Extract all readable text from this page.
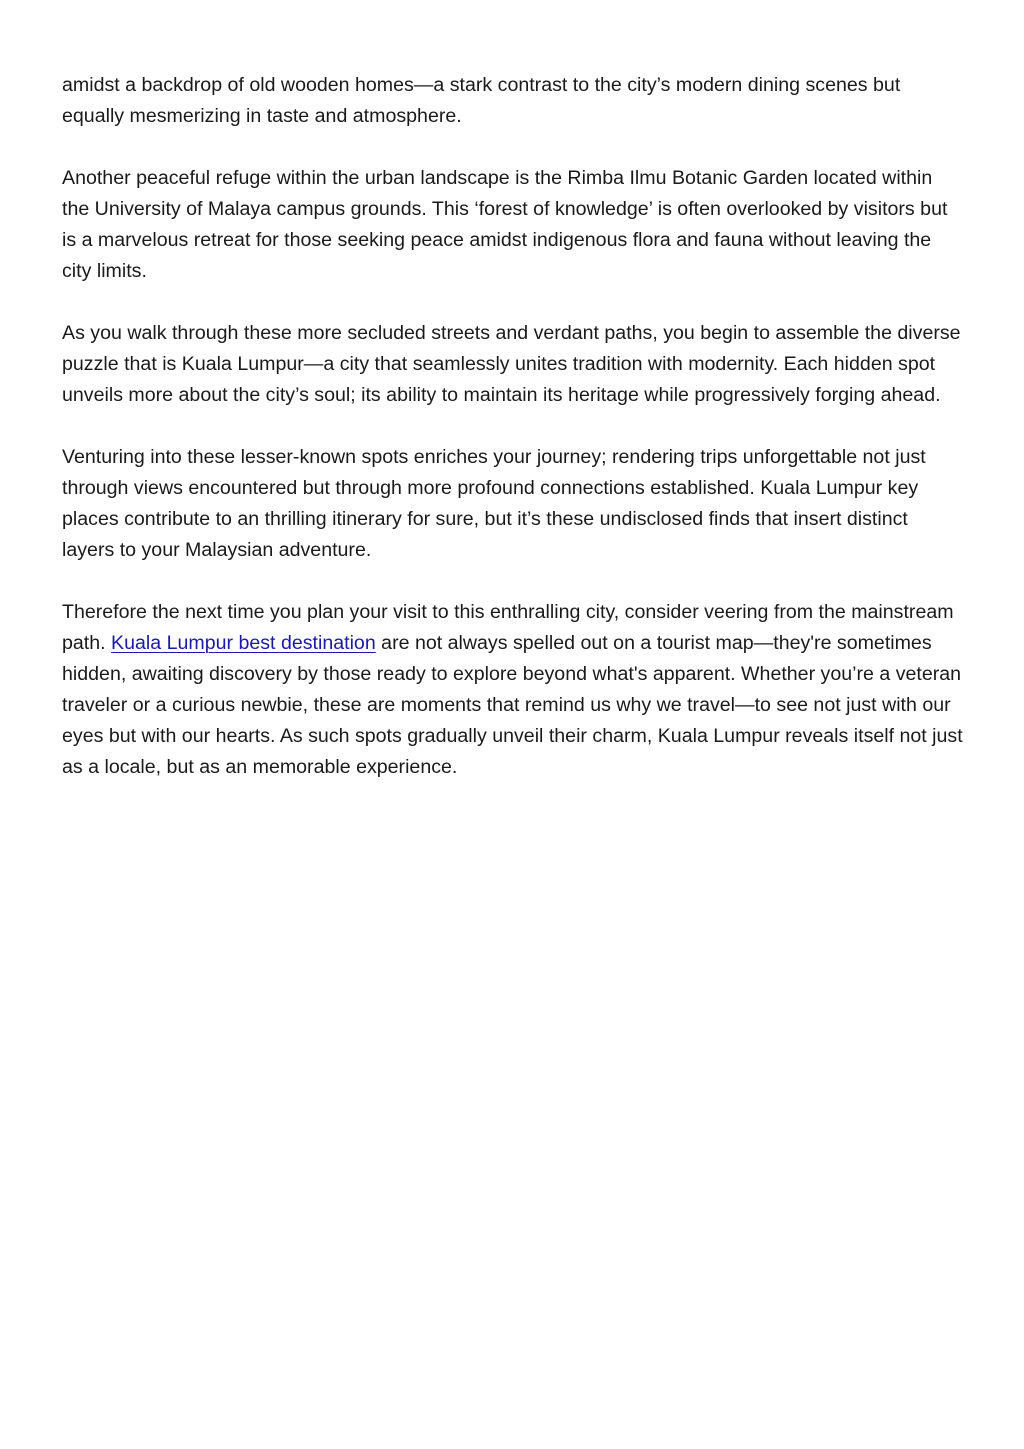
amidst a backdrop of old wooden homes—a stark contrast to the city’s modern dining scenes but equally mesmerizing in taste and atmosphere.

Another peaceful refuge within the urban landscape is the Rimba Ilmu Botanic Garden located within the University of Malaya campus grounds. This ‘forest of knowledge’ is often overlooked by visitors but is a marvelous retreat for those seeking peace amidst indigenous flora and fauna without leaving the city limits.

As you walk through these more secluded streets and verdant paths, you begin to assemble the diverse puzzle that is Kuala Lumpur—a city that seamlessly unites tradition with modernity. Each hidden spot unveils more about the city’s soul; its ability to maintain its heritage while progressively forging ahead.

Venturing into these lesser-known spots enriches your journey; rendering trips unforgettable not just through views encountered but through more profound connections established. Kuala Lumpur key places contribute to an thrilling itinerary for sure, but it’s these undisclosed finds that insert distinct layers to your Malaysian adventure.

Therefore the next time you plan your visit to this enthralling city, consider veering from the mainstream path. Kuala Lumpur best destination are not always spelled out on a tourist map—they're sometimes hidden, awaiting discovery by those ready to explore beyond what's apparent. Whether you’re a veteran traveler or a curious newbie, these are moments that remind us why we travel—to see not just with our eyes but with our hearts. As such spots gradually unveil their charm, Kuala Lumpur reveals itself not just as a locale, but as an memorable experience.
